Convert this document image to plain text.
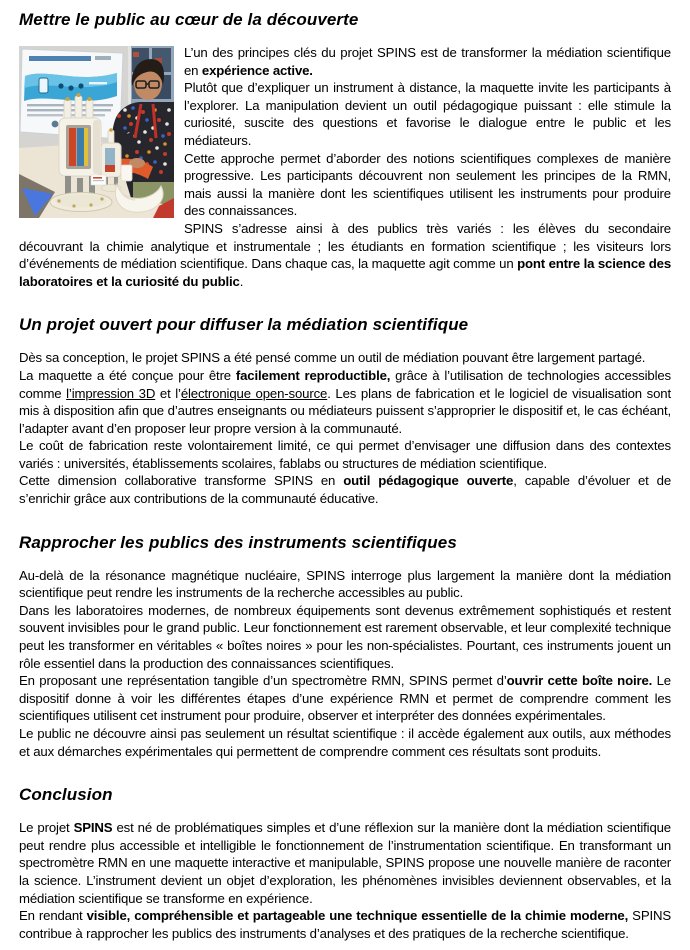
Mettre le public au cœur de la découverte

L’un des principes clés du projet SPINS est de transformer la médiation scientifique en expérience active.

Plutôt que d’expliquer un instrument à distance, la maquette invite les participants à l’explorer. La manipulation devient un outil pédagogique puissant : elle stimule la curiosité, suscite des questions et favorise le dialogue entre le public et les médiateurs.

Cette approche permet d’aborder des notions scientifiques complexes de manière progressive. Les participants découvrent non seulement les principes de la RMN, mais aussi la manière dont les scientifiques utilisent les instruments pour produire des connaissances.

SPINS s’adresse ainsi à des publics très variés : les élèves du secondaire découvrant la chimie analytique et instrumentale ; les étudiants en formation scientifique ; les visiteurs lors d’événements de médiation scientifique. Dans chaque cas, la maquette agit comme un pont entre la science des laboratoires et la curiosité du public.

Un projet ouvert pour diffuser la médiation scientifique

Dès sa conception, le projet SPINS a été pensé comme un outil de médiation pouvant être largement partagé.

La maquette a été conçue pour être facilement reproductible, grâce à l’utilisation de technologies accessibles comme l’impression 3D et l’électronique open-source. Les plans de fabrication et le logiciel de visualisation sont mis à disposition afin que d’autres enseignants ou médiateurs puissent s’approprier le dispositif et, le cas échéant, l’adapter avant d’en proposer leur propre version à la communauté.

Le coût de fabrication reste volontairement limité, ce qui permet d’envisager une diffusion dans des contextes variés : universités, établissements scolaires, fablabs ou structures de médiation scientifique.

Cette dimension collaborative transforme SPINS en outil pédagogique ouverte, capable d’évoluer et de s’enrichir grâce aux contributions de la communauté éducative.

Rapprocher les publics des instruments scientifiques

Au-delà de la résonance magnétique nucléaire, SPINS interroge plus largement la manière dont la médiation scientifique peut rendre les instruments de la recherche accessibles au public.

Dans les laboratoires modernes, de nombreux équipements sont devenus extrêmement sophistiqués et restent souvent invisibles pour le grand public. Leur fonctionnement est rarement observable, et leur complexité technique peut les transformer en véritables « boîtes noires » pour les non-spécialistes. Pourtant, ces instruments jouent un rôle essentiel dans la production des connaissances scientifiques.

En proposant une représentation tangible d’un spectromètre RMN, SPINS permet d’ouvrir cette boîte noire. Le dispositif donne à voir les différentes étapes d’une expérience RMN et permet de comprendre comment les scientifiques utilisent cet instrument pour produire, observer et interpréter des données expérimentales.

Le public ne découvre ainsi pas seulement un résultat scientifique : il accède également aux outils, aux méthodes et aux démarches expérimentales qui permettent de comprendre comment ces résultats sont produits.

Conclusion

Le projet SPINS est né de problématiques simples et d’une réflexion sur la manière dont la médiation scientifique peut rendre plus accessible et intelligible le fonctionnement de l’instrumentation scientifique. En transformant un spectromètre RMN en une maquette interactive et manipulable, SPINS propose une nouvelle manière de raconter la science. L’instrument devient un objet d’exploration, les phénomènes invisibles deviennent observables, et la médiation scientifique se transforme en expérience.

En rendant visible, compréhensible et partageable une technique essentielle de la chimie moderne, SPINS contribue à rapprocher les publics des instruments d’analyses et des pratiques de la recherche scientifique.
